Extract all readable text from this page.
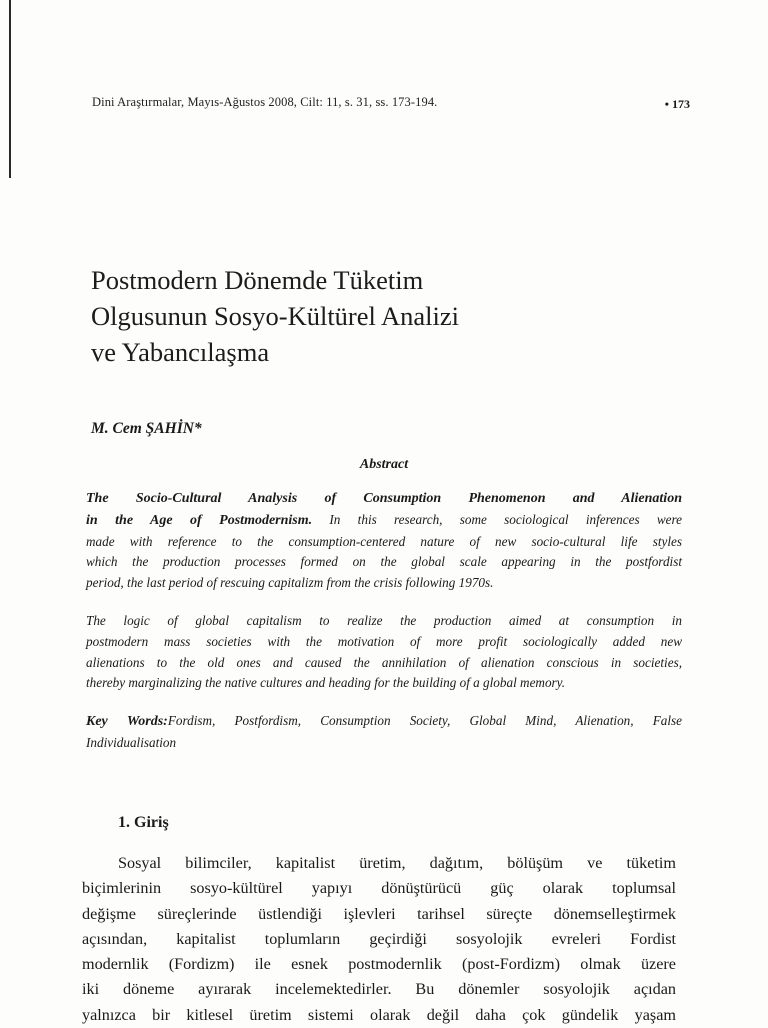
Dini Araştırmalar, Mayıs-Ağustos 2008, Cilt: 11, s. 31, ss. 173-194.	• 173
Postmodern Dönemde Tüketim
Olgusunun Sosyo-Kültürel Analizi
ve Yabancılaşma
M. Cem ŞAHİN*
Abstract
The Socio-Cultural Analysis of Consumption Phenomenon and Alienation
in the Age of Postmodernism. In this research, some sociological inferences were
made with reference to the consumption-centered nature of new socio-cultural life styles
which the production processes formed on the global scale appearing in the postfordist
period, the last period of rescuing capitalizm from the crisis following 1970s.
The logic of global capitalism to realize the production aimed at consumption in
postmodern mass societies with the motivation of more profit sociologically added new
alienations to the old ones and caused the annihilation of alienation conscious in societies,
thereby marginalizing the native cultures and heading for the building of a global memory.
Key Words:Fordism, Postfordism, Consumption Society, Global Mind, Alienation, False
Individualisation
1. Giriş
Sosyal bilimciler, kapitalist üretim, dağıtım, bölüşüm ve tüketim
biçimlerinin sosyo-kültürel yapıyı dönüştürücü güç olarak toplumsal
değişme süreçlerinde üstlendiği işlevleri tarihsel süreçte dönemselleştirmek
açısından, kapitalist toplumların geçirdiği sosyolojik evreleri Fordist
modernlik (Fordizm) ile esnek postmodernlik (post-Fordizm) olmak üzere
iki döneme ayırarak incelemektedirler. Bu dönemler sosyolojik açıdan
yalnızca bir kitlesel üretim sistemi olarak değil daha çok gündelik yaşam
